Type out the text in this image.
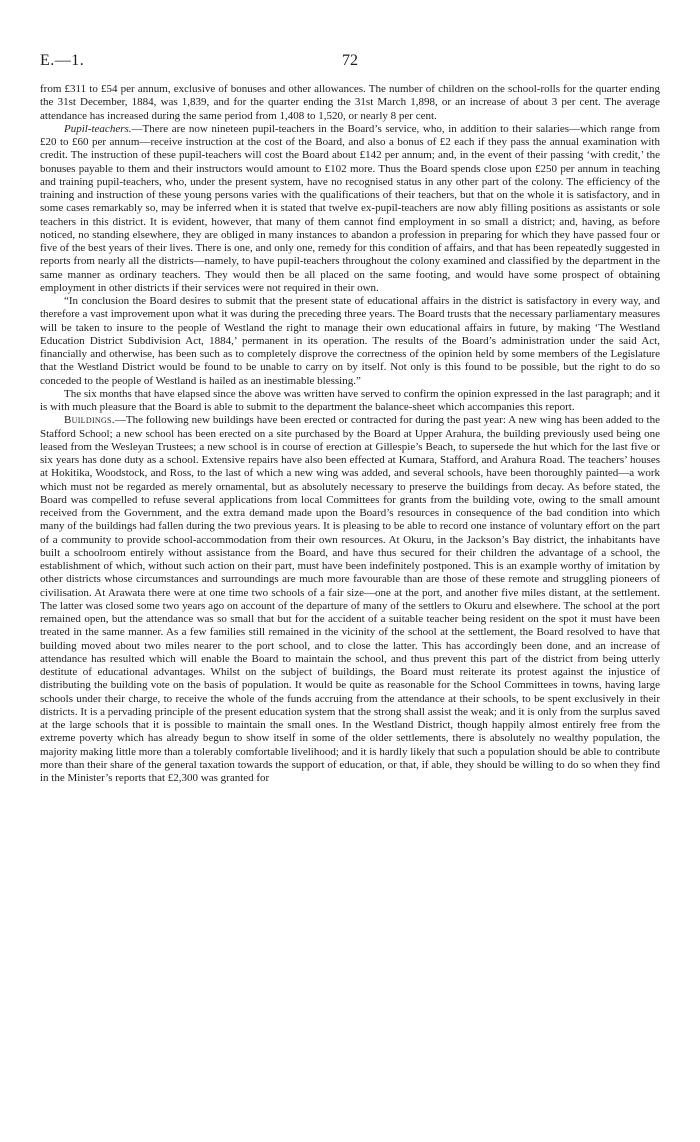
E.—1.	72

from £311 to £54 per annum, exclusive of bonuses and other allowances. The number of children on the school-rolls for the quarter ending the 31st December, 1884, was 1,839, and for the quarter ending the 31st March 1,898, or an increase of about 3 per cent. The average attendance has increased during the same period from 1,408 to 1,520, or nearly 8 per cent.

Pupil-teachers.—There are now nineteen pupil-teachers in the Board’s service, who, in addition to their salaries—which range from £20 to £60 per annum—receive instruction at the cost of the Board, and also a bonus of £2 each if they pass the annual examination with credit. The instruction of these pupil-teachers will cost the Board about £142 per annum; and, in the event of their passing ‘with credit,’ the bonuses payable to them and their instructors would amount to £102 more. Thus the Board spends close upon £250 per annum in teaching and training pupil-teachers, who, under the present system, have no recognised status in any other part of the colony. The efficiency of the training and instruction of these young persons varies with the qualifications of their teachers, but that on the whole it is satisfactory, and in some cases remarkably so, may be inferred when it is stated that twelve ex-pupil-teachers are now ably filling positions as assistants or sole teachers in this district. It is evident, however, that many of them cannot find employment in so small a district; and, having, as before noticed, no standing elsewhere, they are obliged in many instances to abandon a profession in preparing for which they have passed four or five of the best years of their lives. There is one, and only one, remedy for this condition of affairs, and that has been repeatedly suggested in reports from nearly all the districts—namely, to have pupil-teachers throughout the colony examined and classified by the department in the same manner as ordinary teachers. They would then be all placed on the same footing, and would have some prospect of obtaining employment in other districts if their services were not required in their own.

“In conclusion the Board desires to submit that the present state of educational affairs in the district is satisfactory in every way, and therefore a vast improvement upon what it was during the preceding three years. The Board trusts that the necessary parliamentary measures will be taken to insure to the people of Westland the right to manage their own educational affairs in future, by making ‘The Westland Education District Subdivision Act, 1884,’ permanent in its operation. The results of the Board’s administration under the said Act, financially and otherwise, has been such as to completely disprove the correctness of the opinion held by some members of the Legislature that the Westland District would be found to be unable to carry on by itself. Not only is this found to be possible, but the right to do so conceded to the people of Westland is hailed as an inestimable blessing.”

The six months that have elapsed since the above was written have served to confirm the opinion expressed in the last paragraph; and it is with much pleasure that the Board is able to submit to the department the balance-sheet which accompanies this report.

Buildings.—The following new buildings have been erected or contracted for during the past year: A new wing has been added to the Stafford School; a new school has been erected on a site purchased by the Board at Upper Arahura, the building previously used being one leased from the Wesleyan Trustees; a new school is in course of erection at Gillespie’s Beach, to supersede the hut which for the last five or six years has done duty as a school. Extensive repairs have also been effected at Kumara, Stafford, and Arahura Road. The teachers’ houses at Hokitika, Woodstock, and Ross, to the last of which a new wing was added, and several schools, have been thoroughly painted—a work which must not be regarded as merely ornamental, but as absolutely necessary to preserve the buildings from decay. As before stated, the Board was compelled to refuse several applications from local Committees for grants from the building vote, owing to the small amount received from the Government, and the extra demand made upon the Board’s resources in consequence of the bad condition into which many of the buildings had fallen during the two previous years. It is pleasing to be able to record one instance of voluntary effort on the part of a community to provide school-accommodation from their own resources. At Okuru, in the Jackson’s Bay district, the inhabitants have built a schoolroom entirely without assistance from the Board, and have thus secured for their children the advantage of a school, the establishment of which, without such action on their part, must have been indefinitely postponed. This is an example worthy of imitation by other districts whose circumstances and surroundings are much more favourable than are those of these remote and struggling pioneers of civilisation. At Arawata there were at one time two schools of a fair size—one at the port, and another five miles distant, at the settlement. The latter was closed some two years ago on account of the departure of many of the settlers to Okuru and elsewhere. The school at the port remained open, but the attendance was so small that but for the accident of a suitable teacher being resident on the spot it must have been treated in the same manner. As a few families still remained in the vicinity of the school at the settlement, the Board resolved to have that building moved about two miles nearer to the port school, and to close the latter. This has accordingly been done, and an increase of attendance has resulted which will enable the Board to maintain the school, and thus prevent this part of the district from being utterly destitute of educational advantages. Whilst on the subject of buildings, the Board must reiterate its protest against the injustice of distributing the building vote on the basis of population. It would be quite as reasonable for the School Committees in towns, having large schools under their charge, to receive the whole of the funds accruing from the attendance at their schools, to be spent exclusively in their districts. It is a pervading principle of the present education system that the strong shall assist the weak; and it is only from the surplus saved at the large schools that it is possible to maintain the small ones. In the Westland District, though happily almost entirely free from the extreme poverty which has already begun to show itself in some of the older settlements, there is absolutely no wealthy population, the majority making little more than a tolerably comfortable livelihood; and it is hardly likely that such a population should be able to contribute more than their share of the general taxation towards the support of education, or that, if able, they should be willing to do so when they find in the Minister’s reports that £2,300 was granted for
